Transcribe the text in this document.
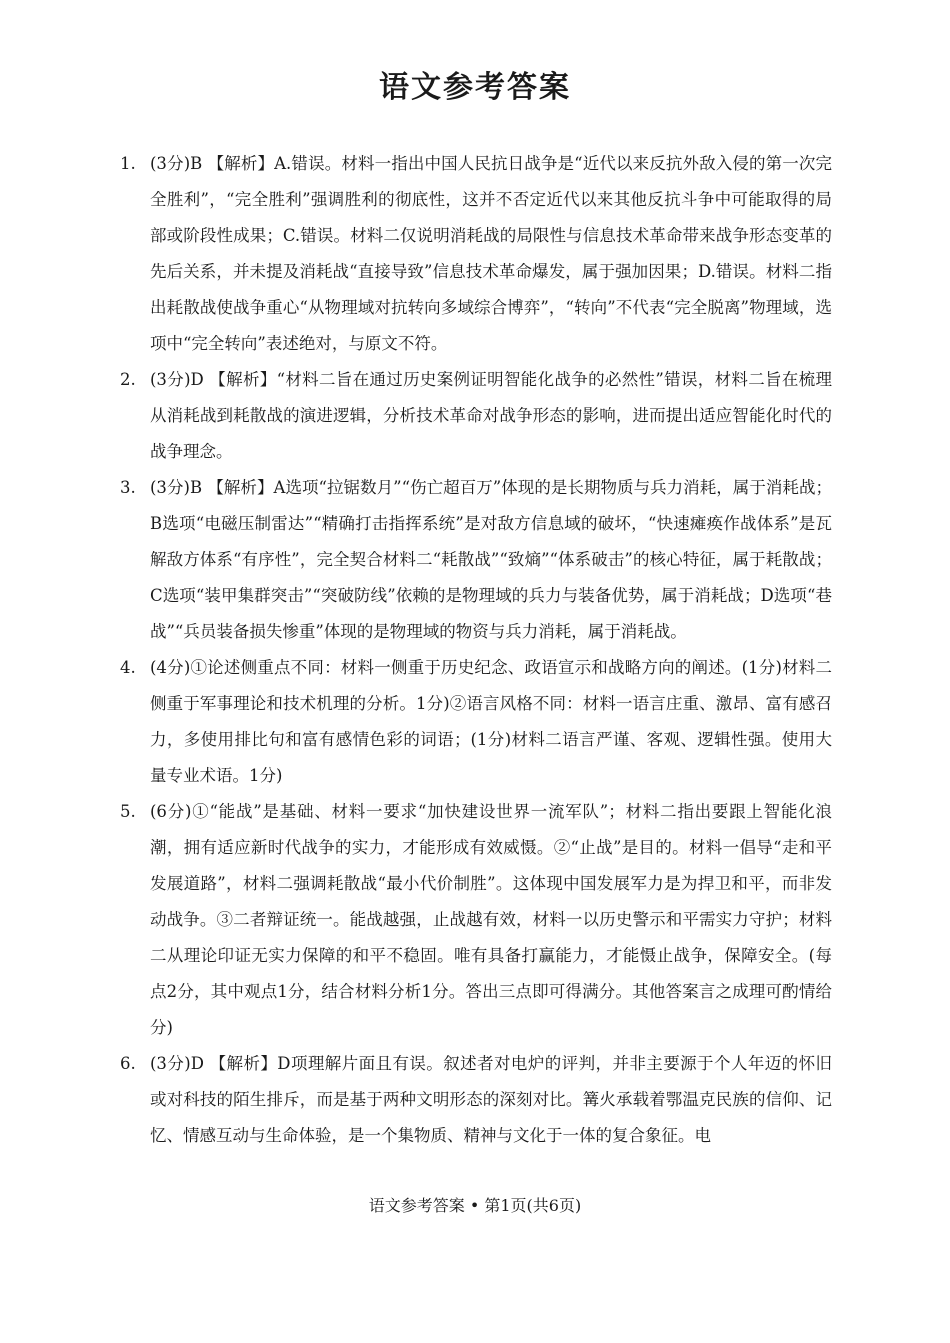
语文参考答案
1. (3分)B 【解析】A.错误。材料一指出中国人民抗日战争是“近代以来反抗外敌入侵的第一次完全胜利”，“完全胜利”强调胜利的彻底性，这并不否定近代以来其他反抗斗争中可能取得的局部或阶段性成果；C.错误。材料二仅说明消耗战的局限性与信息技术革命带来战争形态变革的先后关系，并未提及消耗战“直接导致”信息技术革命爆发，属于强加因果；D.错误。材料二指出耗散战使战争重心“从物理域对抗转向多域综合博弈”，“转向”不代表“完全脱离”物理域，选项中“完全转向”表述绝对，与原文不符。
2. (3分)D 【解析】“材料二旨在通过历史案例证明智能化战争的必然性”错误，材料二旨在梳理从消耗战到耗散战的演进逻辑，分析技术革命对战争形态的影响，进而提出适应智能化时代的战争理念。
3. (3分)B 【解析】A选项“拉锯数月”“伤亡超百万”体现的是长期物质与兵力消耗，属于消耗战；B选项“电磁压制雷达”“精确打击指挥系统”是对敌方信息域的破坏，“快速瘫痪作战体系”是瓦解敌方体系“有序性”，完全契合材料二“耗散战”“致熵”“体系破击”的核心特征，属于耗散战；C选项“装甲集群突击”“突破防线”依赖的是物理域的兵力与装备优势，属于消耗战；D选项“巷战”“兵员装备损失惨重”体现的是物理域的物资与兵力消耗，属于消耗战。
4. (4分)①论述侧重点不同：材料一侧重于历史纪念、政语宣示和战略方向的阐述。(1分)材料二侧重于军事理论和技术机理的分析。1分)②语言风格不同：材料一语言庄重、激昂、富有感召力，多使用排比句和富有感情色彩的词语；(1分)材料二语言严谨、客观、逻辑性强。使用大量专业术语。1分)
5. (6分)①“能战”是基础、材料一要求“加快建设世界一流军队”；材料二指出要跟上智能化浪潮，拥有适应新时代战争的实力，才能形成有效威慑。②“止战”是目的。材料一倡导“走和平发展道路”，材料二强调耗散战“最小代价制胜”。这体现中国发展军力是为捍卫和平，而非发动战争。③二者辩证统一。能战越强，止战越有效，材料一以历史警示和平需实力守护；材料二从理论印证无实力保障的和平不稳固。唯有具备打赢能力，才能慑止战争，保障安全。(每点2分，其中观点1分，结合材料分析1分。答出三点即可得满分。其他答案言之成理可酌情给分)
6. (3分)D 【解析】D项理解片面且有误。叙述者对电炉的评判，并非主要源于个人年迈的怀旧或对科技的陌生排斥，而是基于两种文明形态的深刻对比。篝火承载着鄂温克民族的信仰、记忆、情感互动与生命体验，是一个集物质、精神与文化于一体的复合象征。电
语文参考答案 • 第1页(共6页)
